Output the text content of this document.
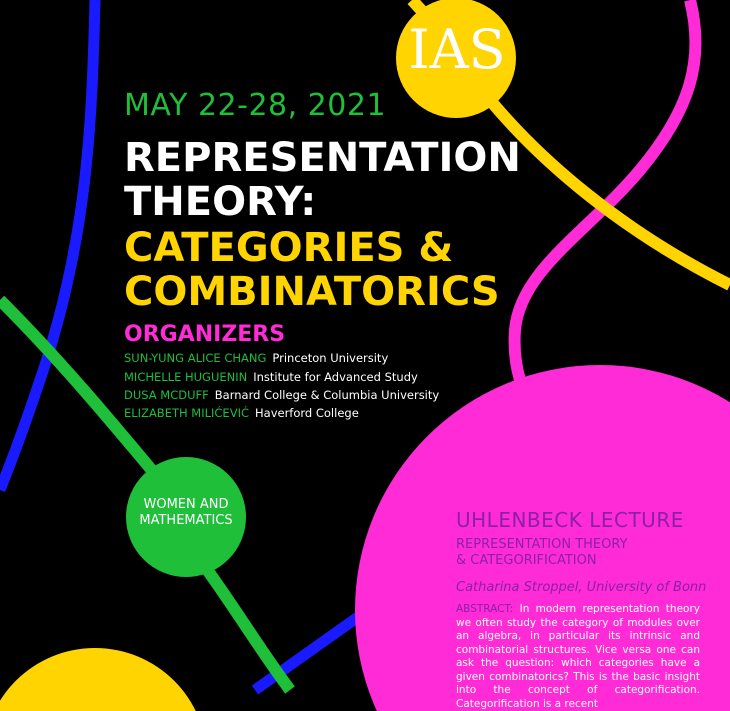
IAS
MAY 22-28, 2021
REPRESENTATION
THEORY:
CATEGORIES &
COMBINATORICS
ORGANIZERS
SUN-YUNG ALICE CHANG Princeton University
MICHELLE HUGUENIN Institute for Advanced Study
DUSA MCDUFF Barnard College & Columbia University
ELIZABETH MILIĆEVIĆ Haverford College
WOMEN AND MATHEMATICS	UHLENBECK LECTURE
REPRESENTATION THEORY
& CATEGORIFICATION
Catharina Stroppel, University of Bonn
ABSTRACT: In modern representation theory we often study the category of modules over an algebra, in particular its intrinsic and combinatorial structures. Vice versa one can ask the question: which categories have a given combinatorics? This is the basic insight into the concept of categorification. Categorification is a recent
